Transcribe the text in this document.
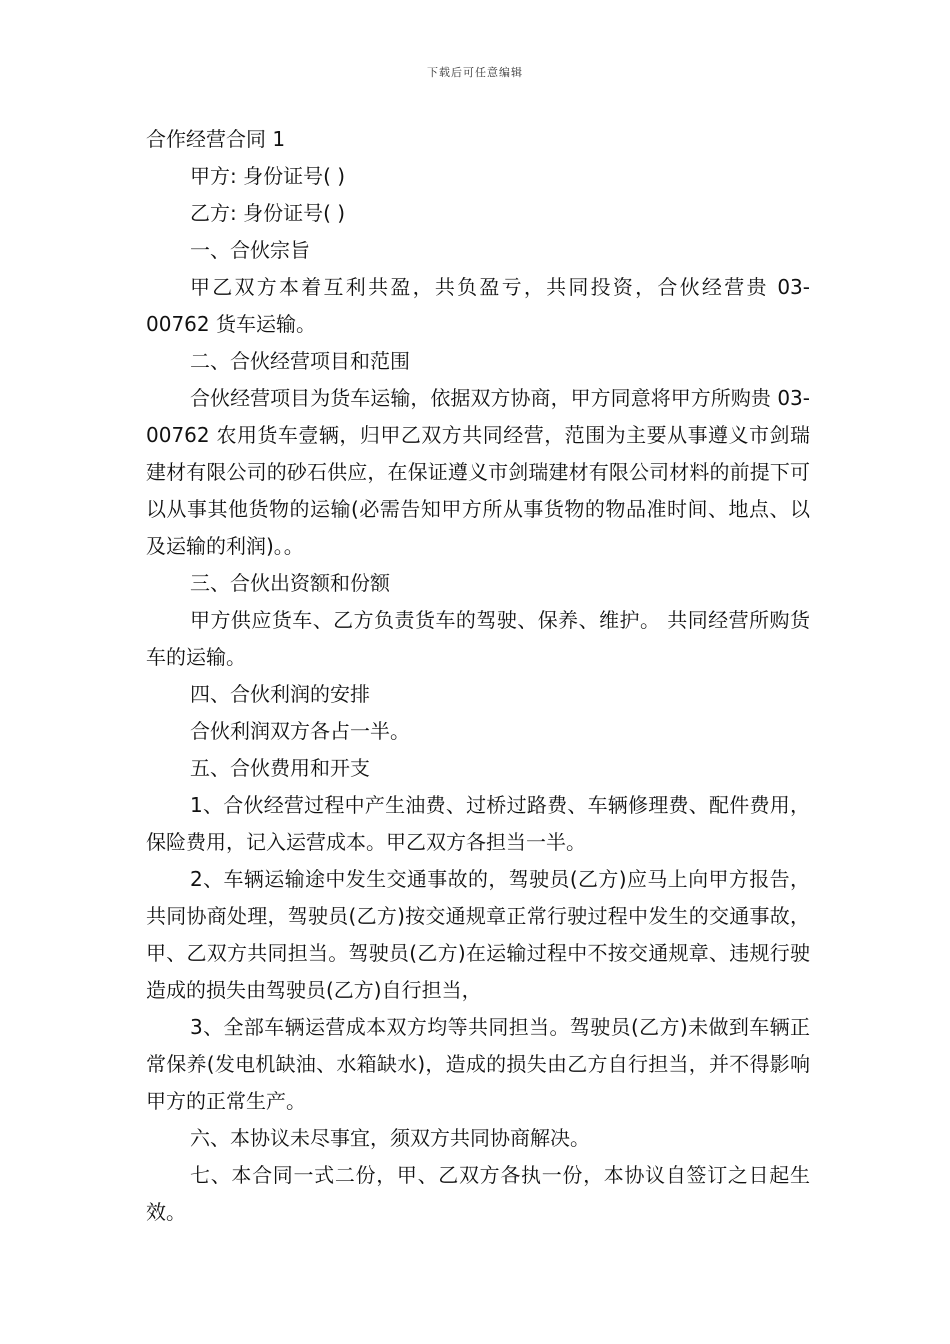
下载后可任意编辑

合作经营合同 1

甲方: 身份证号( )

乙方: 身份证号( )

一、合伙宗旨

甲乙双方本着互利共盈，共负盈亏，共同投资，合伙经营贵 03-00762 货车运输。

二、合伙经营项目和范围

合伙经营项目为货车运输，依据双方协商，甲方同意将甲方所购贵 03-00762 农用货车壹辆，归甲乙双方共同经营，范围为主要从事遵义市剑瑞建材有限公司的砂石供应，在保证遵义市剑瑞建材有限公司材料的前提下可以从事其他货物的运输(必需告知甲方所从事货物的物品准时间、地点、以及运输的利润)。。

三、合伙出资额和份额

甲方供应货车、乙方负责货车的驾驶、保养、维护。 共同经营所购货车的运输。

四、合伙利润的安排

合伙利润双方各占一半。

五、合伙费用和开支

1、合伙经营过程中产生油费、过桥过路费、车辆修理费、配件费用，保险费用，记入运营成本。甲乙双方各担当一半。

2、车辆运输途中发生交通事故的，驾驶员(乙方)应马上向甲方报告，共同协商处理，驾驶员(乙方)按交通规章正常行驶过程中发生的交通事故，甲、乙双方共同担当。驾驶员(乙方)在运输过程中不按交通规章、违规行驶造成的损失由驾驶员(乙方)自行担当，

3、全部车辆运营成本双方均等共同担当。驾驶员(乙方)未做到车辆正常保养(发电机缺油、水箱缺水)，造成的损失由乙方自行担当，并不得影响甲方的正常生产。

六、本协议未尽事宜，须双方共同协商解决。

七、本合同一式二份，甲、乙双方各执一份，本协议自签订之日起生效。
